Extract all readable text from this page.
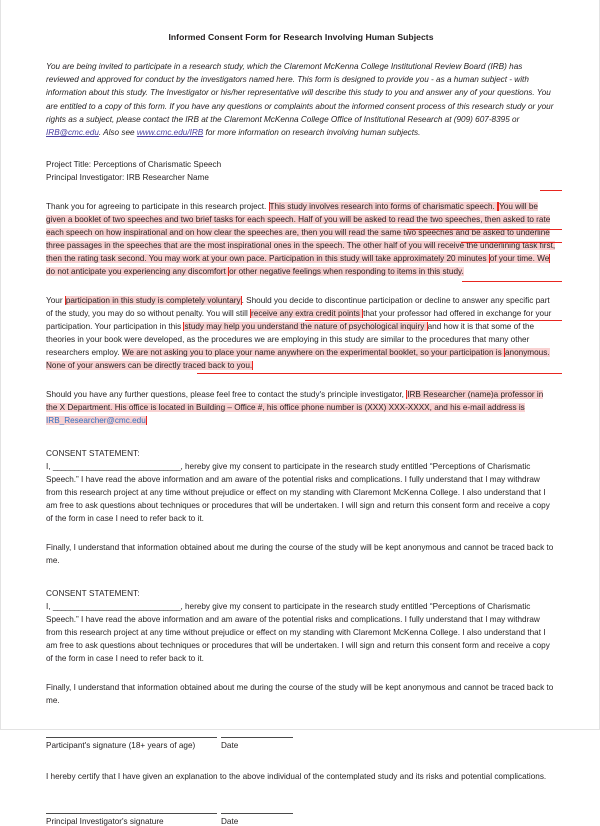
Informed Consent Form for Research Involving Human Subjects

You are being invited to participate in a research study, which the Claremont McKenna College Institutional Review Board (IRB) has reviewed and approved for conduct by the investigators named here. This form is designed to provide you - as a human subject - with information about this study. The Investigator or his/her representative will describe this study to you and answer any of your questions. You are entitled to a copy of this form. If you have any questions or complaints about the informed consent process of this research study or your rights as a subject, please contact the IRB at the Claremont McKenna College Office of Institutional Research at (909) 607-8395 or IRB@cmc.edu. Also see www.cmc.edu/IRB for more information on research involving human subjects.

Project Title: Perceptions of Charismatic Speech
Principal Investigator: IRB Researcher Name

Thank you for agreeing to participate in this research project. This study involves research into forms of charismatic speech. You will be given a booklet of two speeches and two brief tasks for each speech. Half of you will be asked to read the two speeches, then asked to rate each speech on how inspirational and on how clear the speeches are, then you will read the same two speeches and be asked to underline three passages in the speeches that are the most inspirational ones in the speech. The other half of you will receive the underlining task first, then the rating task second. You may work at your own pace. Participation in this study will take approximately 20 minutes of your time. We do not anticipate you experiencing any discomfort or other negative feelings when responding to items in this study.

Your participation in this study is completely voluntary. Should you decide to discontinue participation or decline to answer any specific part of the study, you may do so without penalty. You will still receive any extra credit points that your professor had offered in exchange for your participation. Your participation in this study may help you understand the nature of psychological inquiry and how it is that some of the theories in your book were developed, as the procedures we are employing in this study are similar to the procedures that many other researchers employ. We are not asking you to place your name anywhere on the experimental booklet, so your participation is anonymous. None of your answers can be directly traced back to you.

Should you have any further questions, please feel free to contact the study's principle investigator, IRB Researcher (name)a professor in the X Department. His office is located in Building – Office #, his office phone number is (XXX) XXX-XXXX, and his e-mail address is IRB_Researcher@cmc.edu

CONSENT STATEMENT:

I, ______________________________, hereby give my consent to participate in the research study entitled “Perceptions of Charismatic Speech.” I have read the above information and am aware of the potential risks and complications. I fully understand that I may withdraw from this research project at any time without prejudice or effect on my standing with Claremont McKenna College. I also understand that I am free to ask questions about techniques or procedures that will be undertaken. I will sign and return this consent form and receive a copy of the form in case I need to refer back to it.

Finally, I understand that information obtained about me during the course of the study will be kept anonymous and cannot be traced back to me.

CONSENT STATEMENT:

I, ______________________________, hereby give my consent to participate in the research study entitled “Perceptions of Charismatic Speech.” I have read the above information and am aware of the potential risks and complications. I fully understand that I may withdraw from this research project at any time without prejudice or effect on my standing with Claremont McKenna College. I also understand that I am free to ask questions about techniques or procedures that will be undertaken. I will sign and return this consent form and receive a copy of the form in case I need to refer back to it.

Finally, I understand that information obtained about me during the course of the study will be kept anonymous and cannot be traced back to me.

Participant's signature (18+ years of age)	Date

I hereby certify that I have given an explanation to the above individual of the contemplated study and its risks and potential complications.

Principal Investigator's signature	Date
